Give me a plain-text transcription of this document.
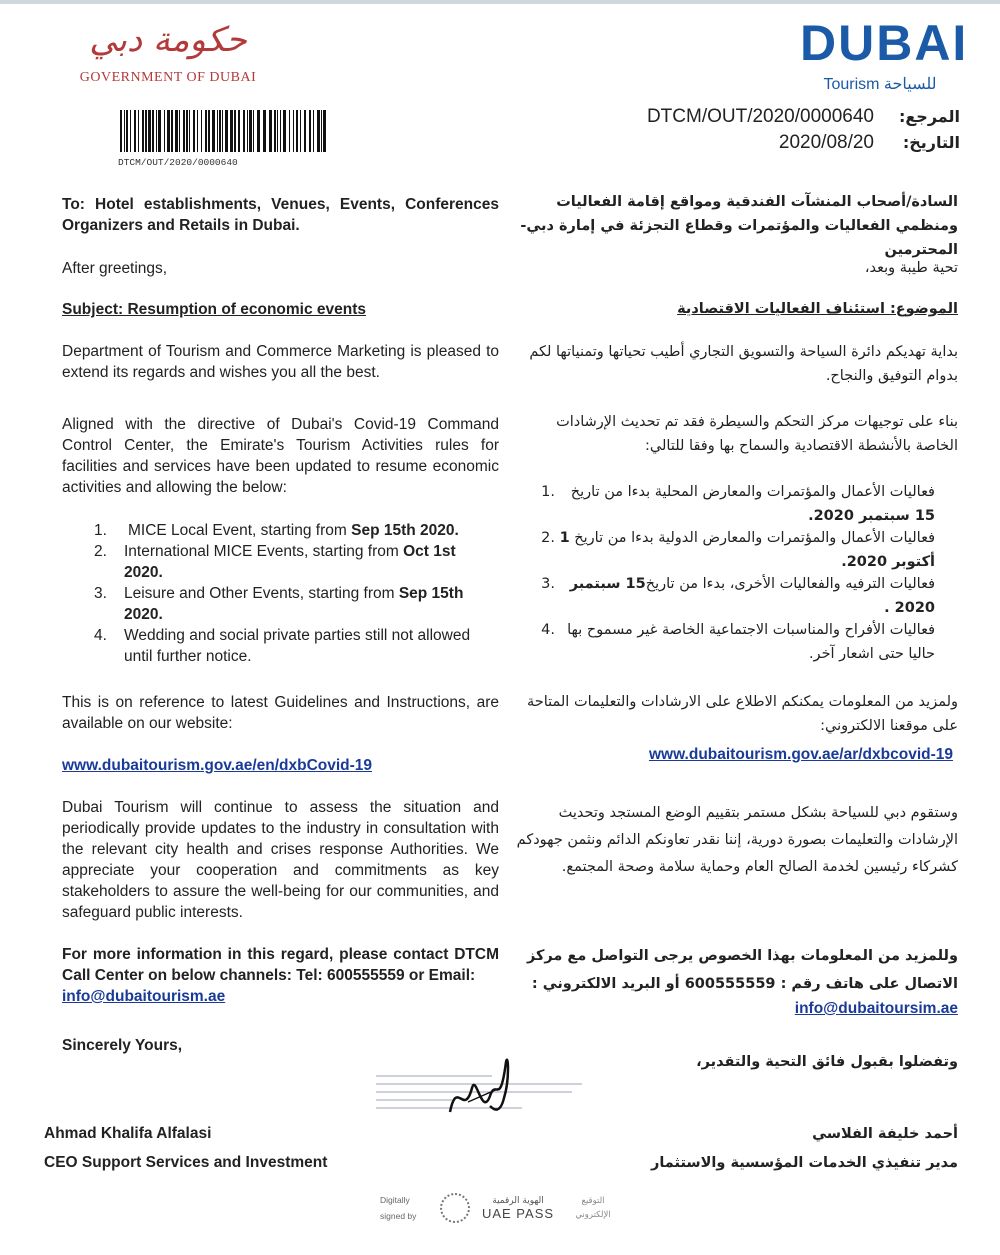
حكومة دبي
GOVERNMENT OF DUBAI
DUBAI
Tourism للسياحة
DTCM/OUT/2020/0000640
DTCM/OUT/2020/0000640	المرجع:
2020/08/20	التاريخ:
To: Hotel establishments, Venues, Events, Conferences Organizers and Retails in Dubai.
After greetings,
Subject: Resumption of economic events
Department of Tourism and Commerce Marketing is pleased to extend its regards and wishes you all the best.
Aligned with the directive of Dubai's Covid-19 Command Control Center, the Emirate's Tourism Activities rules for facilities and services have been updated to resume economic activities and allowing the below:
1.	MICE Local Event, starting from Sep 15th 2020.
2.	International MICE Events, starting from Oct 1st 2020.
3.	Leisure and Other Events, starting from Sep 15th 2020.
4.	Wedding and social private parties still not allowed until further notice.
This is on reference to latest Guidelines and Instructions, are available on our website:
www.dubaitourism.gov.ae/en/dxbCovid-19
Dubai Tourism will continue to assess the situation and periodically provide updates to the industry in consultation with the relevant city health and crises response Authorities. We appreciate your cooperation and commitments as key stakeholders to assure the well-being for our communities, and safeguard public interests.
For more information in this regard, please contact DTCM Call Center on below channels: Tel: 600555559 or Email:
info@dubaitourism.ae
Sincerely Yours,
Ahmad Khalifa Alfalasi
CEO Support Services and Investment
السادة/أصحاب المنشآت الفندقية ومواقع إقامة الفعاليات ومنظمي الفعاليات والمؤتمرات وقطاع التجزئة في إمارة دبي- المحترمين
تحية طيبة وبعد،
الموضوع: استئناف الفعاليات الاقتصادية
بداية تهديكم دائرة السياحة والتسويق التجاري أطيب تحياتها وتمنياتها لكم بدوام التوفيق والنجاح.
بناء على توجيهات مركز التحكم والسيطرة فقد تم تحديث الإرشادات الخاصة بالأنشطة الاقتصادية والسماح بها وفقا للتالي:
.1	فعاليات الأعمال والمؤتمرات والمعارض المحلية بدءا من تاريخ 15 سبتمبر 2020.
.2	فعاليات الأعمال والمؤتمرات والمعارض الدولية بدءا من تاريخ 1 أكتوبر 2020.
.3	فعاليات الترفيه والفعاليات الأخرى، بدءا من تاريخ15 سبتمبر 2020 .
.4 فعاليات الأفراح والمناسبات الاجتماعية الخاصة غير مسموح بها حاليا حتى اشعار آخر.
ولمزيد من المعلومات يمكنكم الاطلاع على الارشادات والتعليمات المتاحة على موقعنا الالكتروني:
www.dubaitourism.gov.ae/ar/dxbcovid-19
وستقوم دبي للسياحة بشكل مستمر بتقييم الوضع المستجد وتحديث الإرشادات والتعليمات بصورة دورية، إننا نقدر تعاونكم الدائم ونثمن جهودكم كشركاء رئيسين لخدمة الصالح العام وحماية سلامة وصحة المجتمع.
وللمزيد من المعلومات بهذا الخصوص يرجى التواصل مع مركز الاتصال على هاتف رقم : 600555559 أو البريد الالكتروني :
info@dubaitoursim.ae
وتفضلوا بقبول فائق التحية والتقدير،
أحمد خليفة الفلاسي
مدير تنفيذي الخدمات المؤسسية والاستثمار
Digitally
signed by
الهوية الرقمية
UAE PASS
التوقيع
الإلكتروني
